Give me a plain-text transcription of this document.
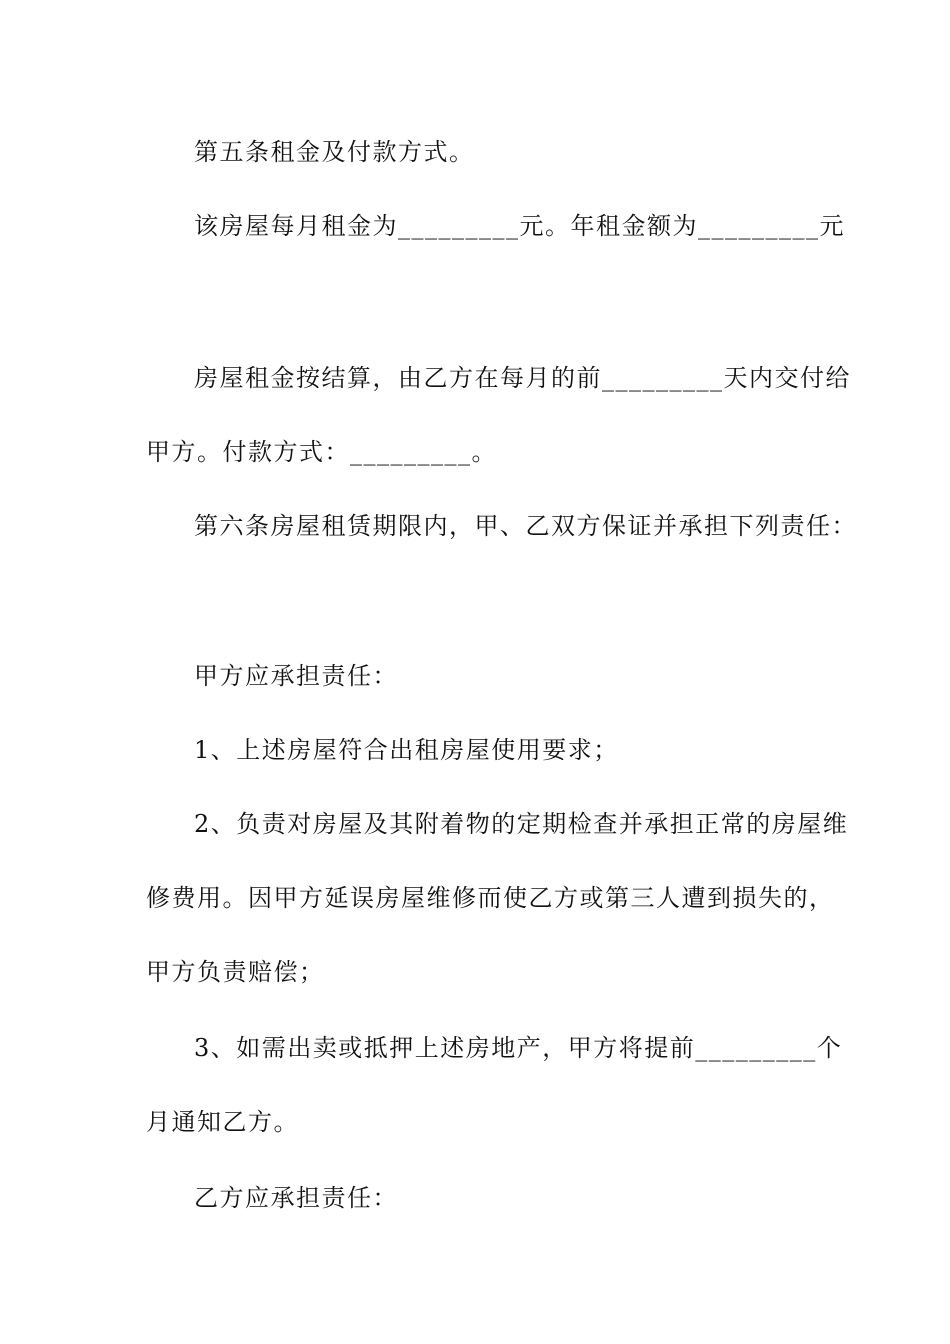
第五条租金及付款方式。
该房屋每月租金为_________元。年租金额为_________元
房屋租金按结算，由乙方在每月的前_________天内交付给
甲方。付款方式：_________。
第六条房屋租赁期限内，甲、乙双方保证并承担下列责任：
甲方应承担责任：
1、上述房屋符合出租房屋使用要求；
2、负责对房屋及其附着物的定期检查并承担正常的房屋维
修费用。因甲方延误房屋维修而使乙方或第三人遭到损失的，
甲方负责赔偿；
3、如需出卖或抵押上述房地产，甲方将提前_________个
月通知乙方。
乙方应承担责任：
